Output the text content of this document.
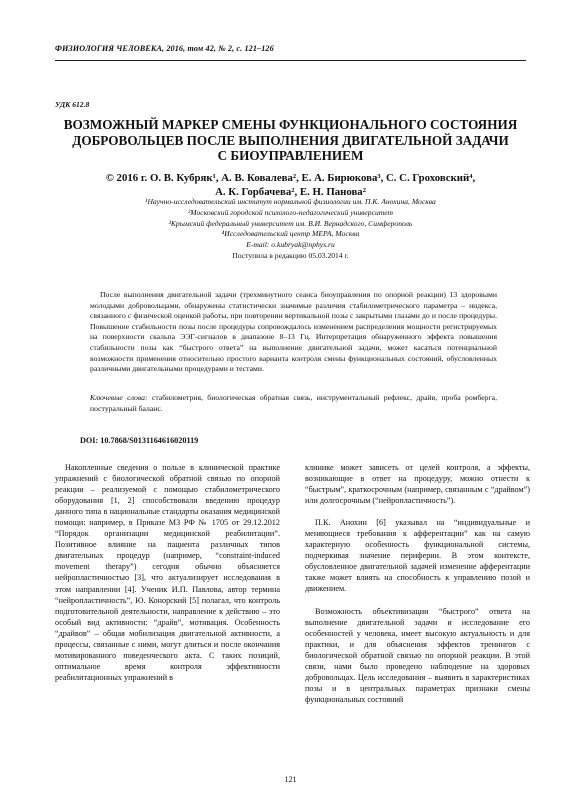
ФИЗИОЛОГИЯ ЧЕЛОВЕКА, 2016, том 42, № 2, с. 121–126
УДК 612.8
ВОЗМОЖНЫЙ МАРКЕР СМЕНЫ ФУНКЦИОНАЛЬНОГО СОСТОЯНИЯ
ДОБРОВОЛЬЦЕВ ПОСЛЕ ВЫПОЛНЕНИЯ ДВИГАТЕЛЬНОЙ ЗАДАЧИ
С БИОУПРАВЛЕНИЕМ
© 2016 г. О. В. Кубряк¹, А. В. Ковалева², Е. А. Бирюкова³, С. С. Гроховский⁴,
А. К. Горбачева², Е. Н. Панова²
¹Научно-исследовательский институт нормальной физиологии им. П.К. Анохина, Москва
²Московский городской психолого-педагогический университет
³Крымский федеральный университет им. В.И. Вернадского, Симферополь
⁴Исследовательский центр МЕРА, Москва
E-mail: o.kubryak@nphys.ru
Поступила в редакцию 05.03.2014 г.
После выполнения двигательной задачи (трехминутного сеанса биоуправления по опорной реакции) 13 здоровыми молодыми добровольцами, обнаружены статистически значимые различия стабилометрического параметра – индекса, связанного с физической оценкой работы, при повторении вертикальной позы с закрытыми глазами до и после процедуры. Повышение стабильности позы после процедуры сопровождалось изменением распределения мощности регистрируемых на поверхности скальпа ЭЭГ-сигналов в диапазоне 8–13 Гц. Интерпретация обнаруженного эффекта повышения стабильности позы как “быстрого ответа” на выполнение двигательной задачи, может касаться потенциальной возможности применения относительно простого варианта контроля смены функциональных состояний, обусловленных различными двигательными процедурами и тестами.
Ключевые слова: стабилометрия, биологическая обратная связь, инструментальный рефлекс, драйв, проба ромберга, постуральный баланс.
DOI: 10.7868/S0131164616020119

Накопленные сведения о пользе в клинической практике упражнений с биологической обратной связью по опорной реакции – реализуемой с помощью стабилометрического оборудования [1, 2] способствовали введению процедур данного типа в национальные стандарты оказания медицинской помощи: например, в Приказе МЗ РФ № 1705 от 29.12.2012 “Порядок организации медицинской реабилитации”. Позитивное влияние на пациента различных типов двигательных процедур (например, “constraint-induced movement therapy”) сегодня обычно объясняется нейропластичностью [3], что актуализирует исследования в этом направлении [4]. Ученик И.П. Павлова, автор термина “нейропластичность”, Ю. Конорский [5] полагал, что контроль подготовительной деятельности, направление к действию – это особый вид активности: “драйв”, мотивация. Особенность “драйвов” – общая мобилизация двигательной активности, а процессы, связанные с ними, могут длиться и после окончания мотивированного поведенческого акта. С таких позиций, оптимальное время контроля эффективности реабилитационных упражнений в

клинике может зависеть от целей контроля, а эффекты, возникающие в ответ на процедуру, можно отнести к “быстрым”, краткосрочным (например, связанным с “драйвом”) или долгосрочным (“нейропластичность”).

П.К. Анохин [6] указывал на “индивидуальные и меняющиеся требования к афферентации” как на самую характерную особенность функциональной системы, подчеркивая значение периферии. В этом контексте, обусловленное двигательной задачей изменение афферентации также может влиять на способность к управлению позой и движением.

Возможность объективизации “быстрого” ответа на выполнение двигательной задачи и исследование его особенностей у человека, имеет высокую актуальность и для практики, и для объяснения эффектов тренингов с биологической обратной связью по опорной реакции. В этой связи, нами было проведено наблюдение на здоровых добровольцах. Цель исследования – выявить в характеристиках позы и в центральных параметрах признаки смены функциональных состояний

121
